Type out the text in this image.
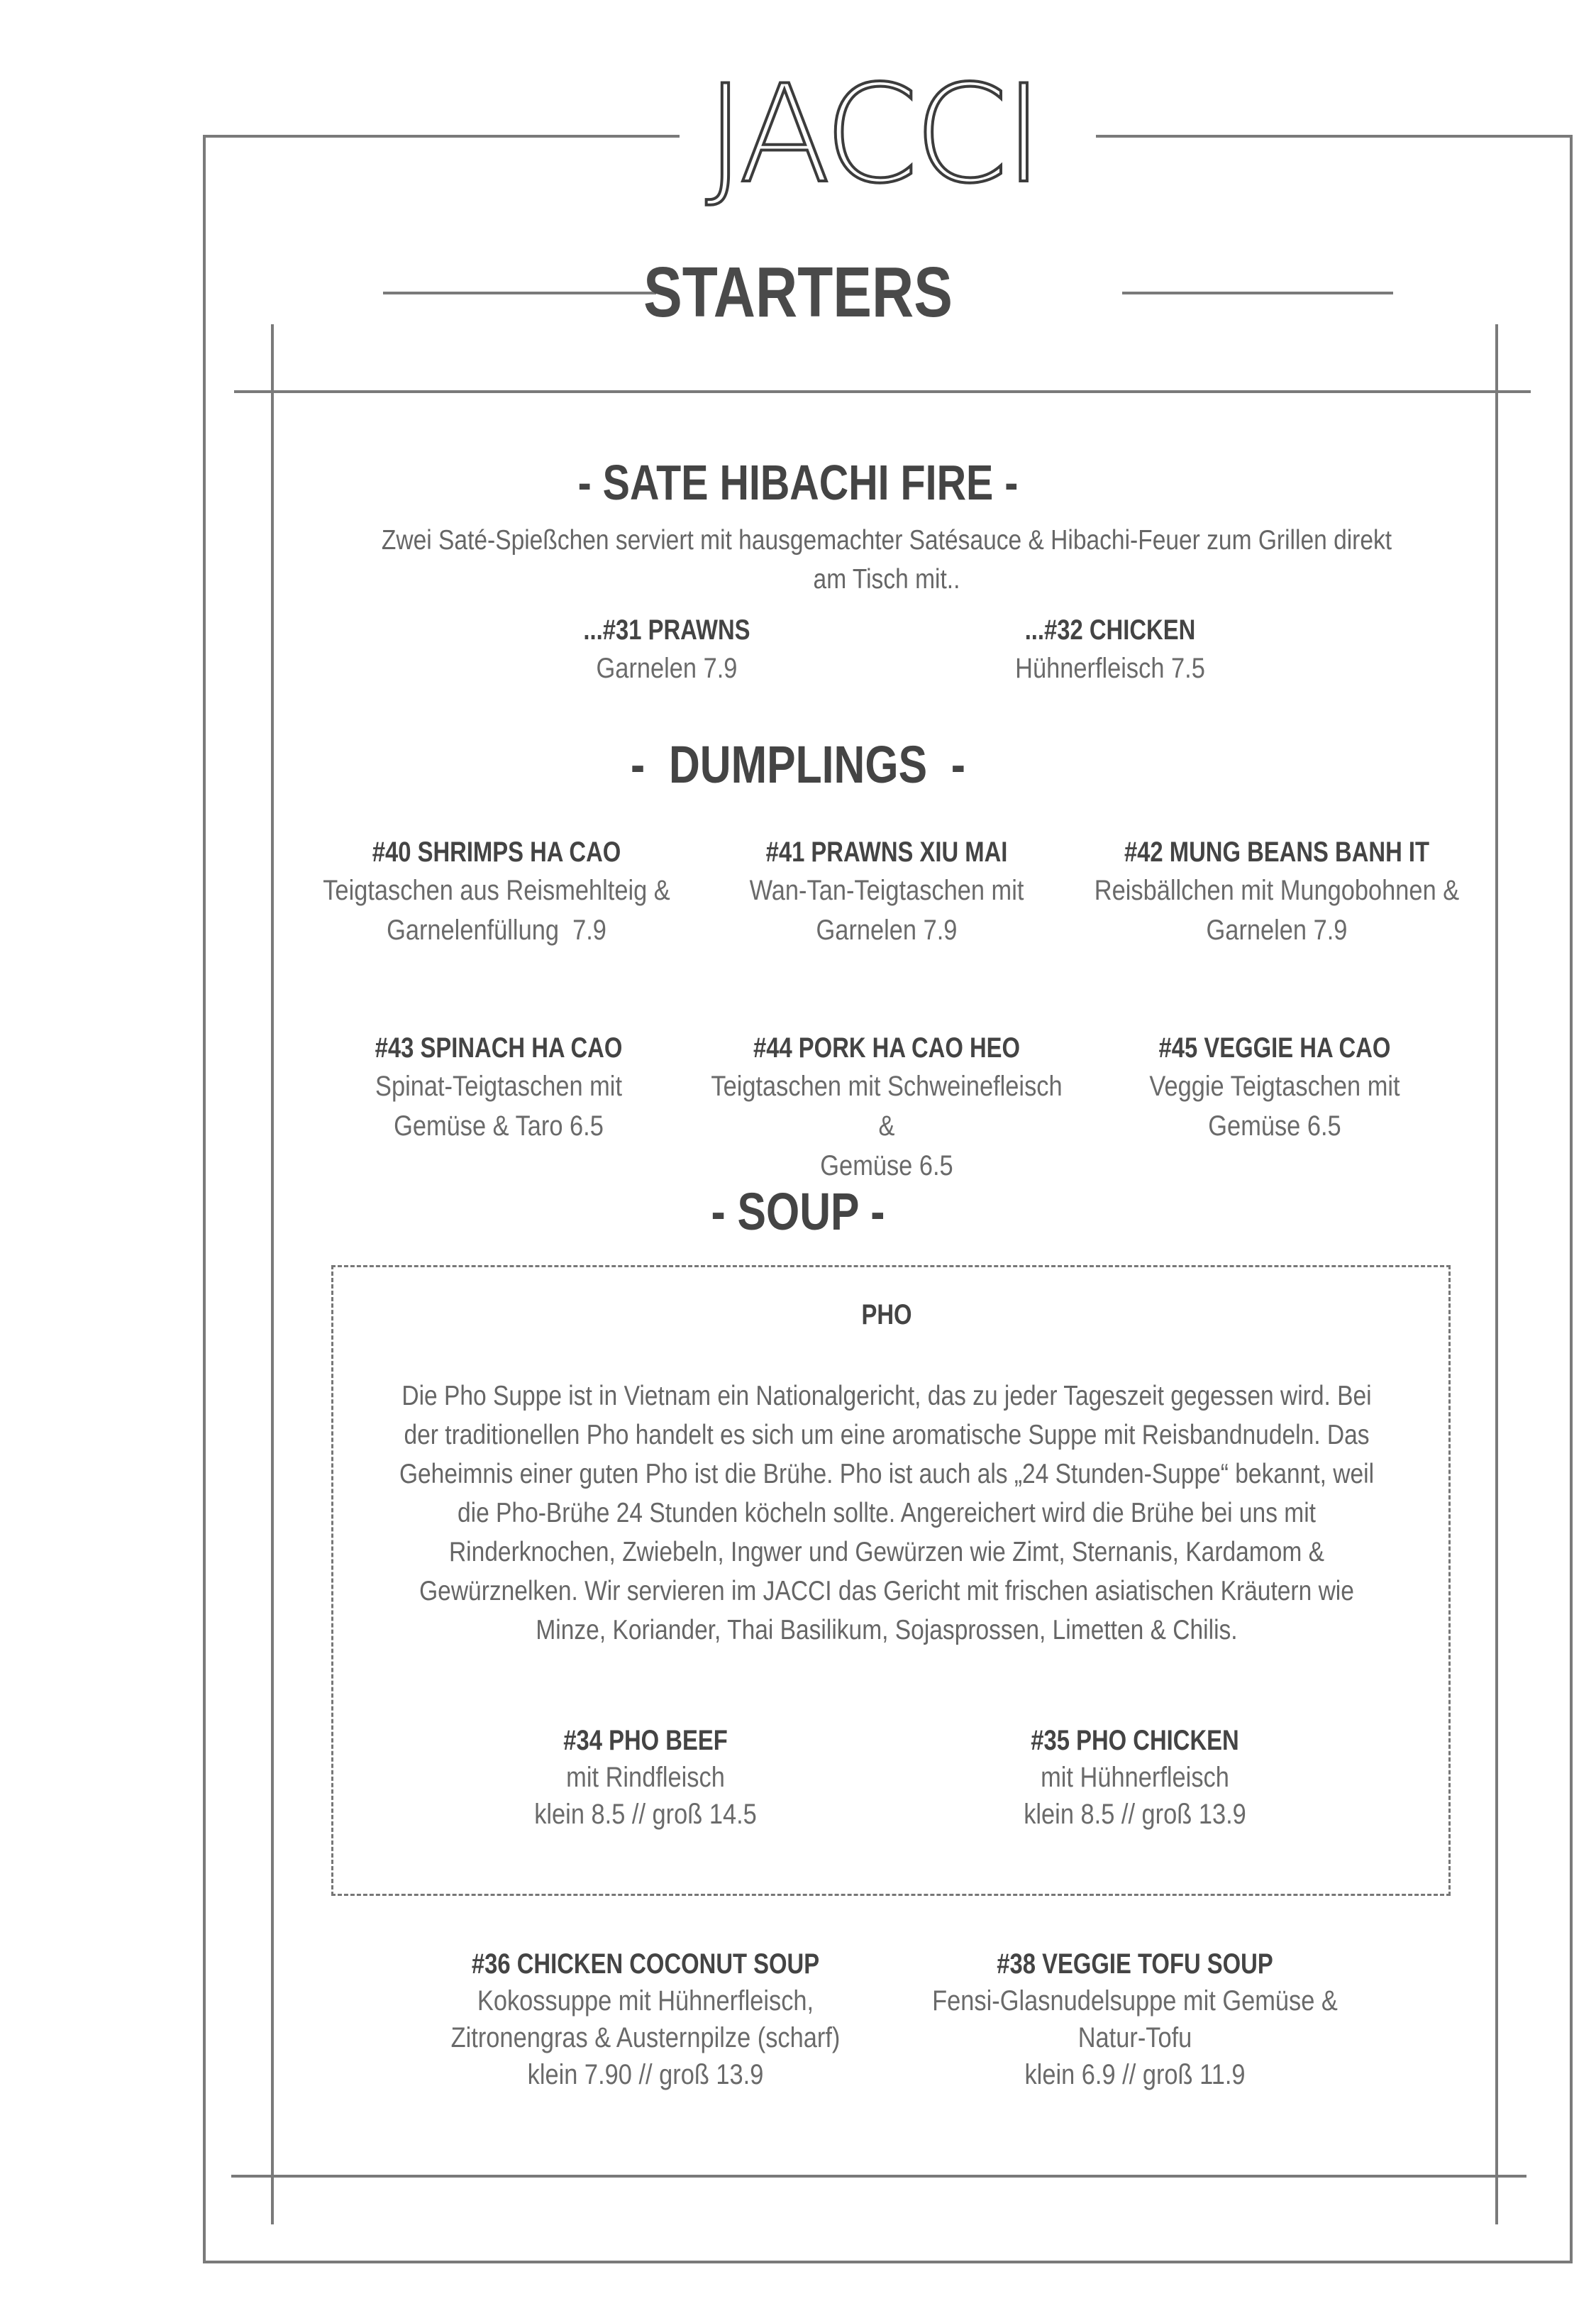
JACCI
STARTERS
- SATE HIBACHI FIRE -
Zwei Saté-Spießchen serviert mit hausgemachter Satésauce & Hibachi-Feuer zum Grillen direkt
am Tisch mit..
...#31 PRAWNS
Garnelen 7.9
...#32 CHICKEN
Hühnerfleisch 7.5
-  DUMPLINGS  -
#40 SHRIMPS HA CAO
Teigtaschen aus Reismehlteig &
Garnelenfüllung  7.9
#41 PRAWNS XIU MAI
Wan-Tan-Teigtaschen mit
Garnelen 7.9
#42 MUNG BEANS BANH IT
Reisbällchen mit Mungobohnen &
Garnelen 7.9
#43 SPINACH HA CAO
Spinat-Teigtaschen mit
Gemüse & Taro 6.5
#44 PORK HA CAO HEO
Teigtaschen mit Schweinefleisch &
Gemüse 6.5
#45 VEGGIE HA CAO
Veggie Teigtaschen mit
Gemüse 6.5
- SOUP -
PHO
Die Pho Suppe ist in Vietnam ein Nationalgericht, das zu jeder Tageszeit gegessen wird. Bei
der traditionellen Pho handelt es sich um eine aromatische Suppe mit Reisbandnudeln. Das
Geheimnis einer guten Pho ist die Brühe. Pho ist auch als „24 Stunden-Suppe“ bekannt, weil
die Pho-Brühe 24 Stunden köcheln sollte. Angereichert wird die Brühe bei uns mit
Rinderknochen, Zwiebeln, Ingwer und Gewürzen wie Zimt, Sternanis, Kardamom &
Gewürznelken. Wir servieren im JACCI das Gericht mit frischen asiatischen Kräutern wie
Minze, Koriander, Thai Basilikum, Sojasprossen, Limetten & Chilis.
#34 PHO BEEF
mit Rindfleisch
klein 8.5 // groß 14.5
#35 PHO CHICKEN
mit Hühnerfleisch
klein 8.5 // groß 13.9
#36 CHICKEN COCONUT SOUP
Kokossuppe mit Hühnerfleisch,
Zitronengras & Austernpilze (scharf)
klein 7.90 // groß 13.9
#38 VEGGIE TOFU SOUP
Fensi-Glasnudelsuppe mit Gemüse &
Natur-Tofu
klein 6.9 // groß 11.9
